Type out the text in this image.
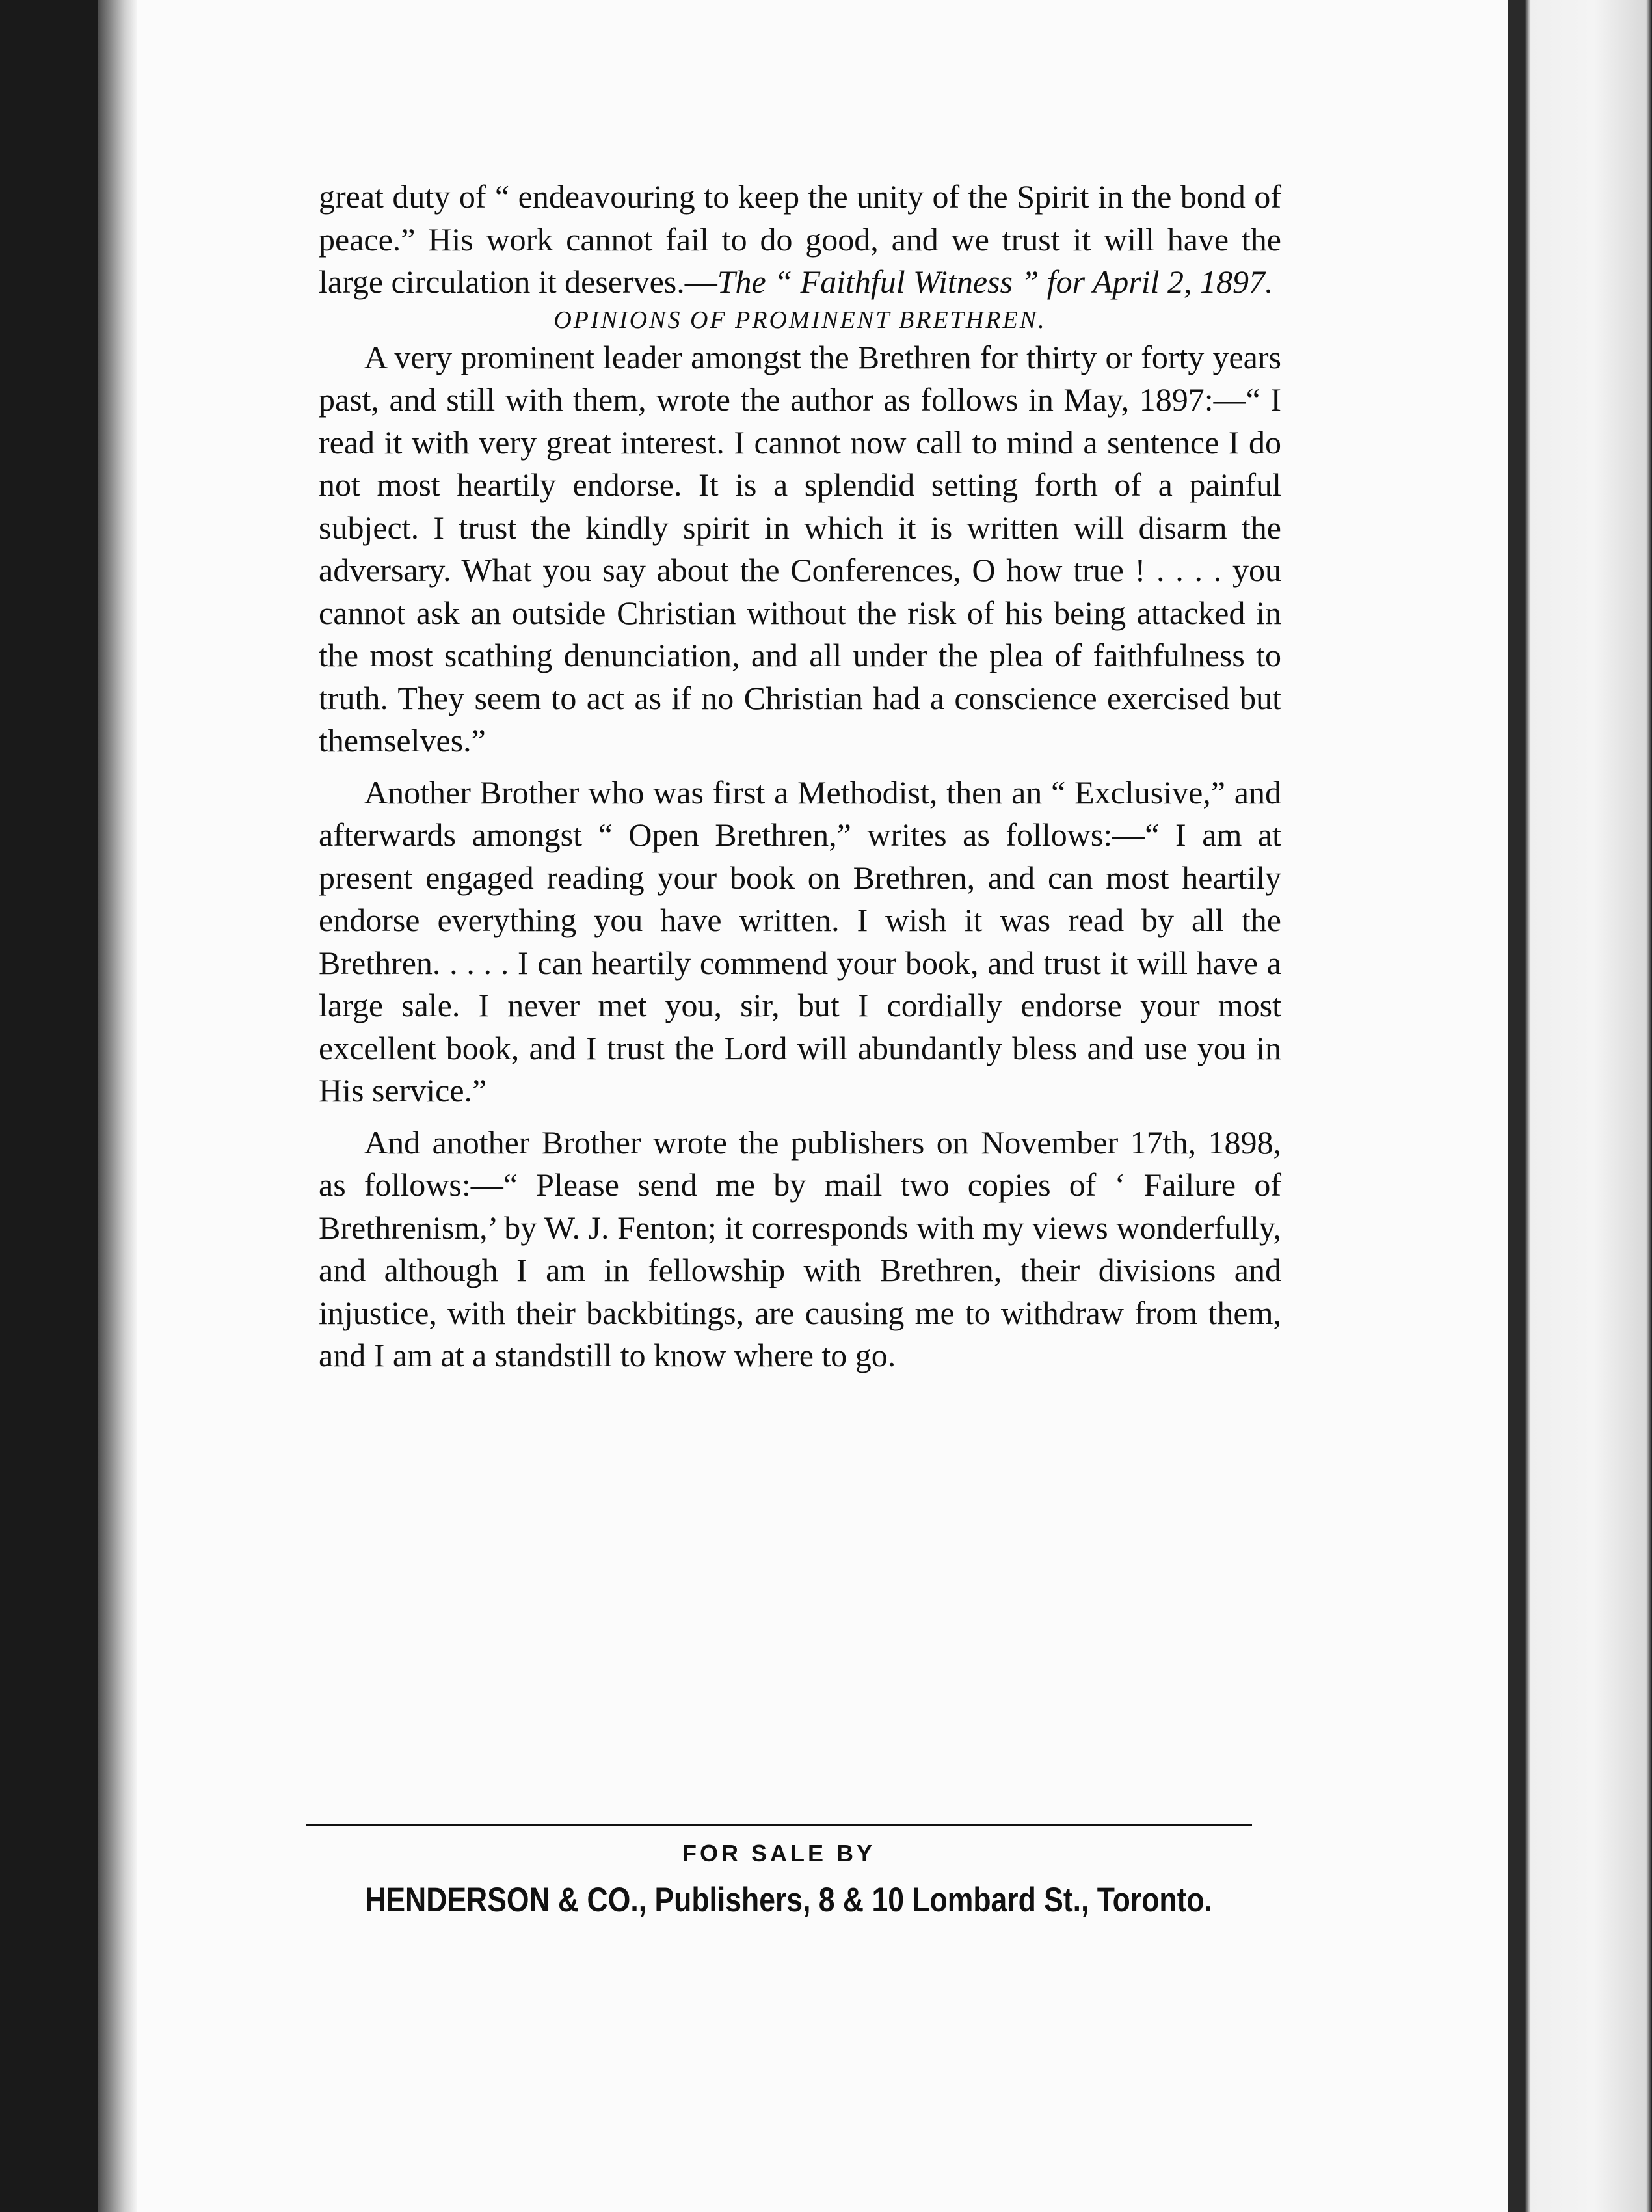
great duty of “ endeavouring to keep the unity of the Spirit in the bond of peace.” His work cannot fail to do good, and we trust it will have the large circulation it deserves.—The “ Faithful Witness ” for April 2, 1897.

OPINIONS OF PROMINENT BRETHREN.

A very prominent leader amongst the Brethren for thirty or forty years past, and still with them, wrote the author as follows in May, 1897:—“ I read it with very great interest. I cannot now call to mind a sentence I do not most heartily endorse. It is a splendid setting forth of a painful subject. I trust the kindly spirit in which it is written will disarm the adversary. What you say about the Conferences, O how true ! . . . . you cannot ask an outside Christian without the risk of his being attacked in the most scathing denunciation, and all under the plea of faithfulness to truth. They seem to act as if no Christian had a conscience exercised but themselves.”

Another Brother who was first a Methodist, then an “ Exclusive,” and afterwards amongst “ Open Brethren,” writes as follows:—“ I am at present engaged reading your book on Brethren, and can most heartily endorse everything you have written. I wish it was read by all the Brethren. . . . . I can heartily commend your book, and trust it will have a large sale. I never met you, sir, but I cordially endorse your most excellent book, and I trust the Lord will abundantly bless and use you in His service.”

And another Brother wrote the publishers on November 17th, 1898, as follows:—“ Please send me by mail two copies of ‘ Failure of Brethrenism,’ by W. J. Fenton; it corresponds with my views wonderfully, and although I am in fellowship with Brethren, their divisions and injustice, with their backbitings, are causing me to withdraw from them, and I am at a standstill to know where to go.

FOR SALE BY
HENDERSON & CO., Publishers, 8 & 10 Lombard St., Toronto.
